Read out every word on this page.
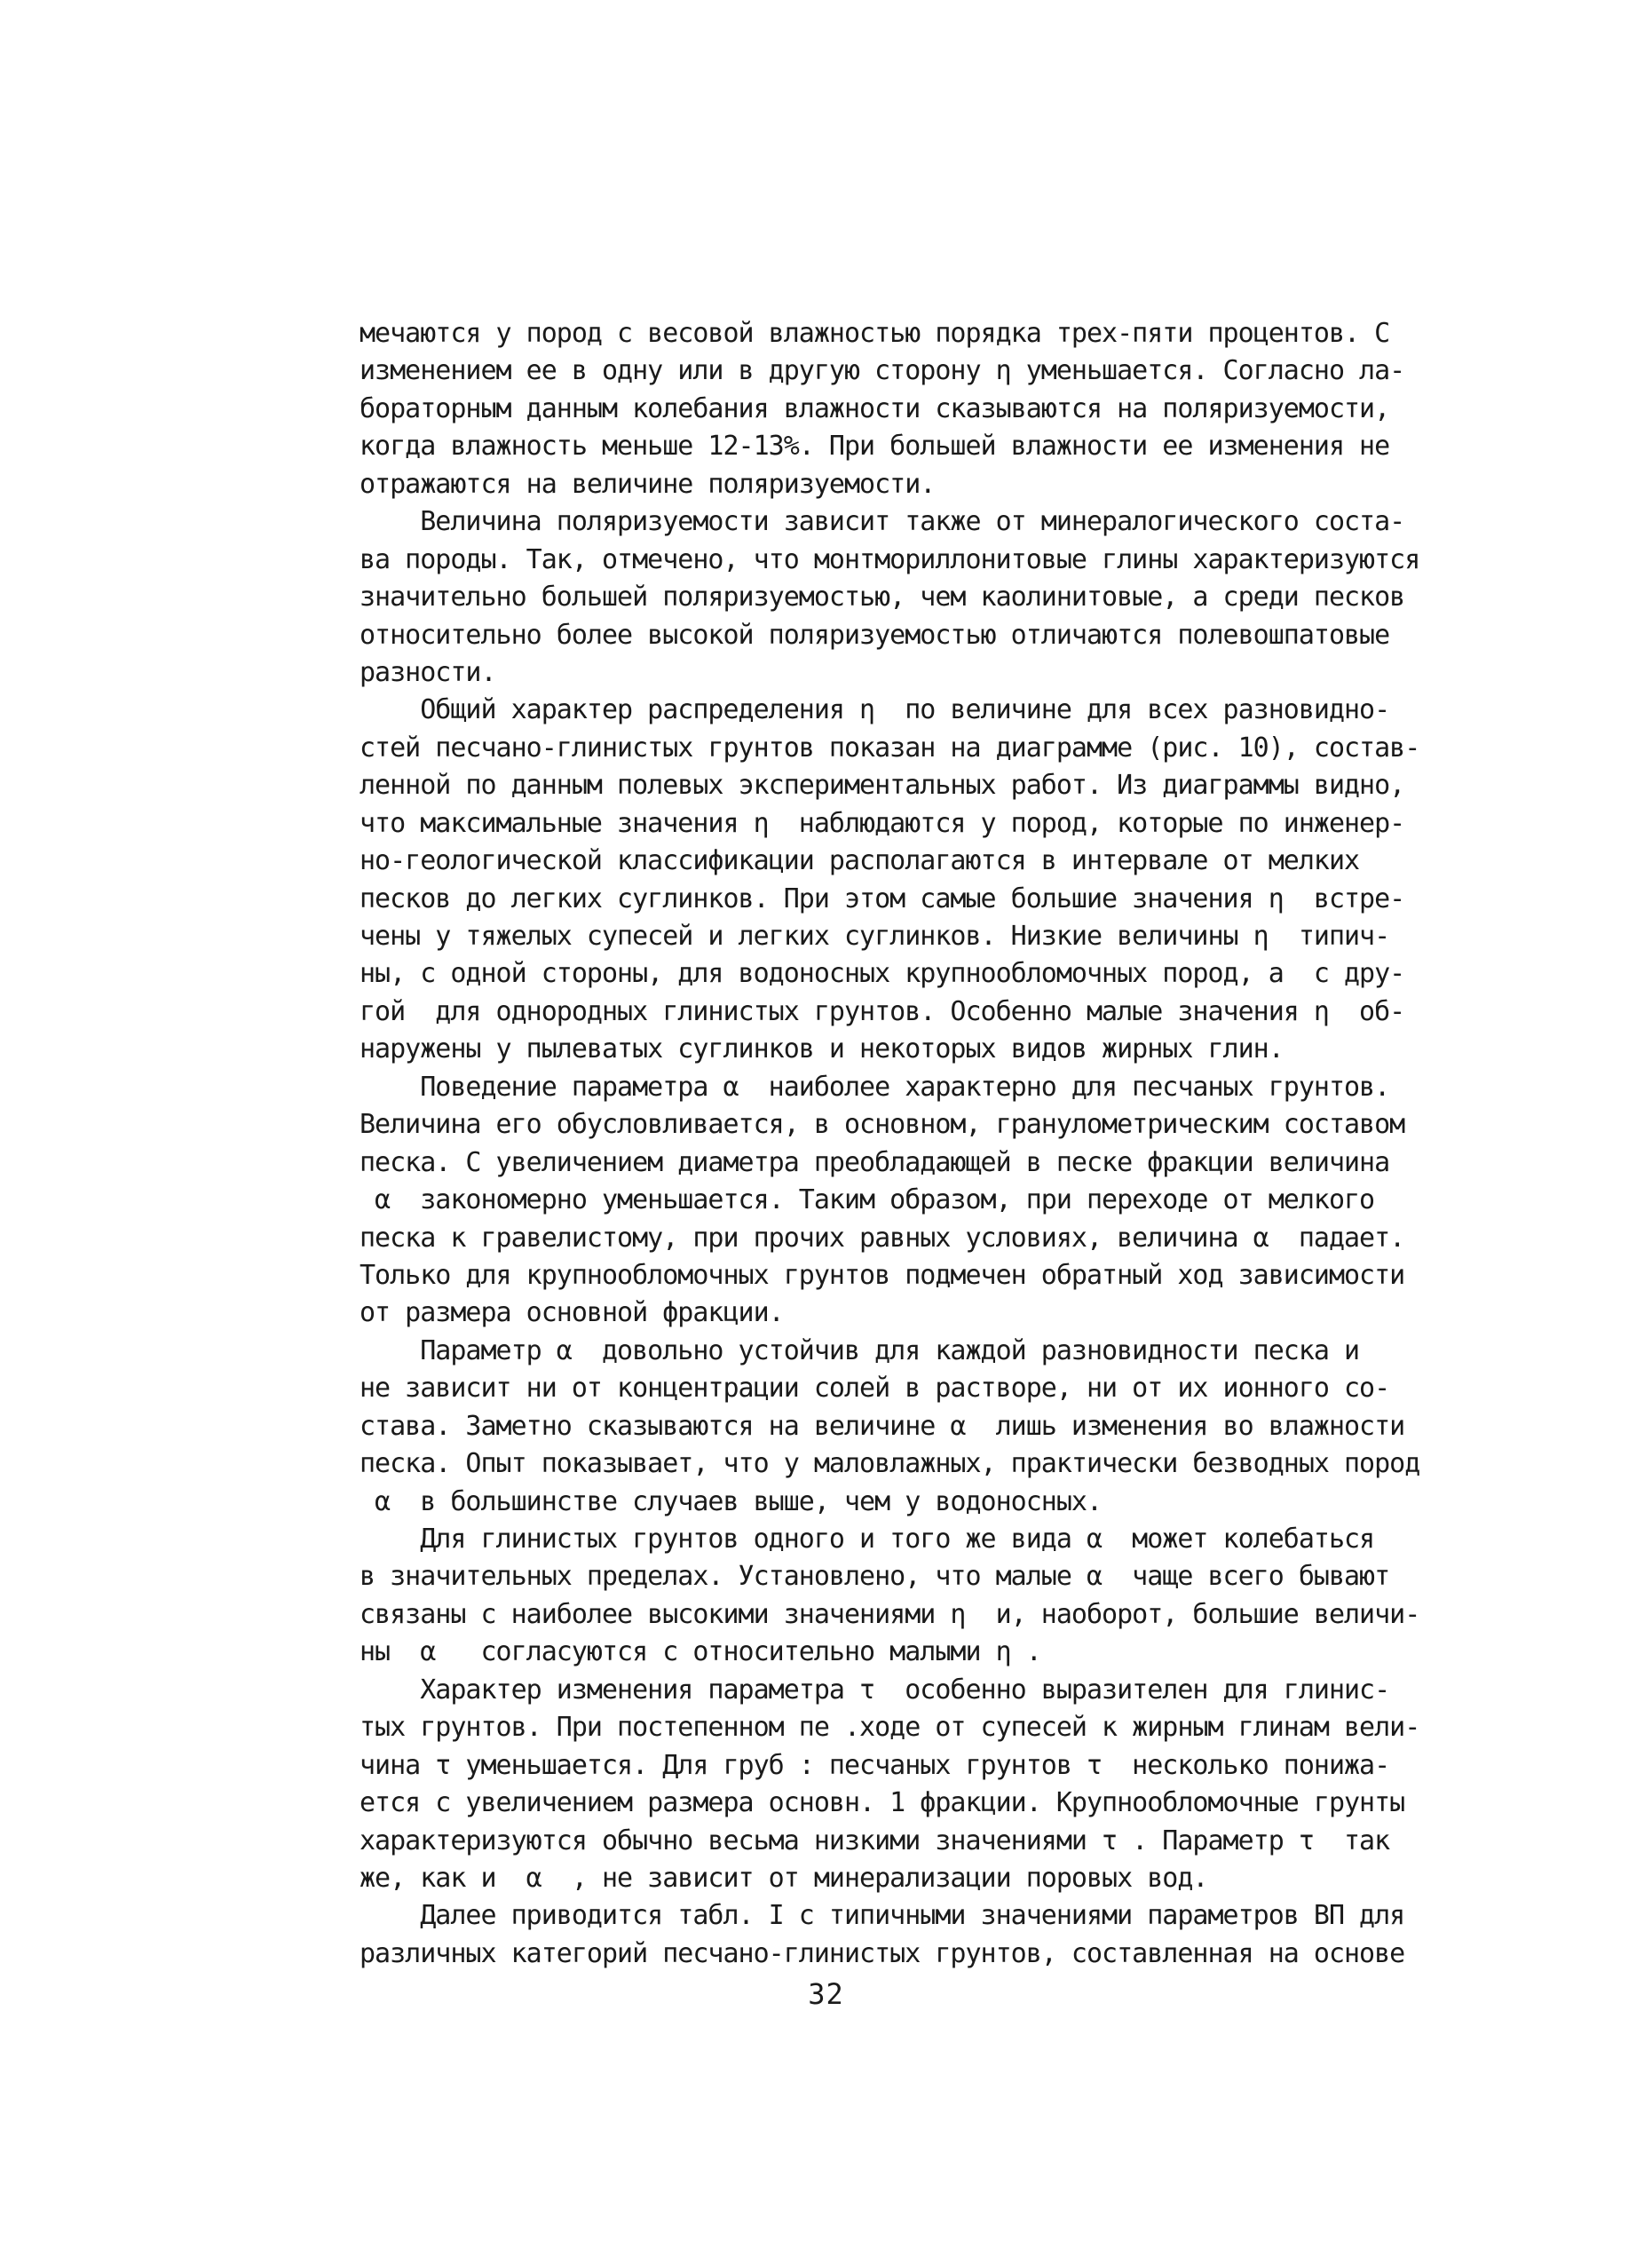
мечаются у пород с весовой влажностью порядка трех-пяти процентов. С
изменением ее в одну или в другую сторону η уменьшается. Согласно ла-
бораторным данным колебания влажности сказываются на поляризуемости,
когда влажность меньше 12-13%. При большей влажности ее изменения не
отражаются на величине поляризуемости.
Величина поляризуемости зависит также от минералогического соста-
ва породы. Так, отмечено, что монтмориллонитовые глины характеризуются
значительно большей поляризуемостью, чем каолинитовые, а среди песков
относительно более высокой поляризуемостью отличаются полевошпатовые
разности.
Общий характер распределения η  по величине для всех разновидно-
стей песчано-глинистых грунтов показан на диаграмме (рис. 10), состав-
ленной по данным полевых экспериментальных работ. Из диаграммы видно,
что максимальные значения η  наблюдаются у пород, которые по инженер-
но-геологической классификации располагаются в интервале от мелких
песков до легких суглинков. При этом самые большие значения η  встре-
чены у тяжелых супесей и легких суглинков. Низкие величины η  типич-
ны, с одной стороны, для водоносных крупнообломочных пород, а  с дру-
гой  для однородных глинистых грунтов. Особенно малые значения η  об-
наружены у пылеватых суглинков и некоторых видов жирных глин.
Поведение параметра α  наиболее характерно для песчаных грунтов.
Величина его обусловливается, в основном, гранулометрическим составом
песка. С увеличением диаметра преобладающей в песке фракции величина
α  закономерно уменьшается. Таким образом, при переходе от мелкого
песка к гравелистому, при прочих равных условиях, величина α  падает.
Только для крупнообломочных грунтов подмечен обратный ход зависимости
от размера основной фракции.
Параметр α  довольно устойчив для каждой разновидности песка и
не зависит ни от концентрации солей в растворе, ни от их ионного со-
става. Заметно сказываются на величине α  лишь изменения во влажности
песка. Опыт показывает, что у маловлажных, практически безводных пород
α  в большинстве случаев выше, чем у водоносных.
Для глинистых грунтов одного и того же вида α  может колебаться
в значительных пределах. Установлено, что малые α  чаще всего бывают
связаны с наиболее высокими значениями η  и, наоборот, большие величи-
ны  α   согласуются с относительно малыми η .
Характер изменения параметра τ  особенно выразителен для глинис-
тых грунтов. При постепенном пе .ходе от супесей к жирным глинам вели-
чина τ уменьшается. Для груб : песчаных грунтов τ  несколько понижа-
ется с увеличением размера основн. 1 фракции. Крупнообломочные грунты
характеризуются обычно весьма низкими значениями τ . Параметр τ  так
же, как и  α  , не зависит от минерализации поровых вод.
Далее приводится табл. I с типичными значениями параметров ВП для
различных категорий песчано-глинистых грунтов, составленная на основе
32
